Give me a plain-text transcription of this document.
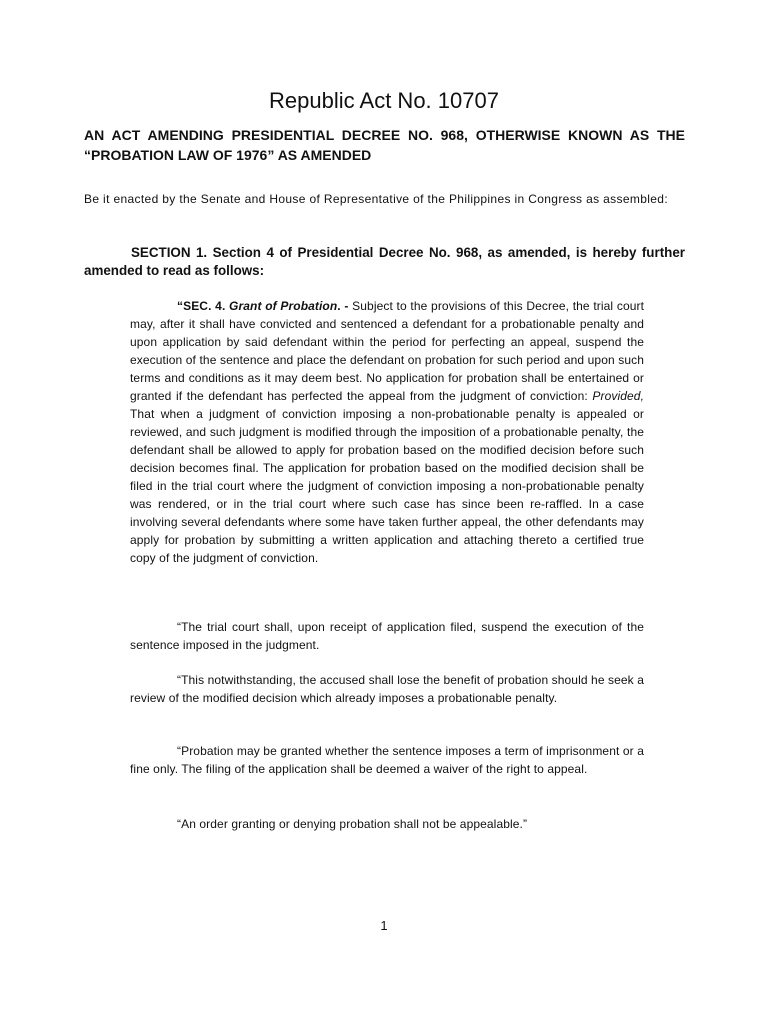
Republic Act No. 10707

AN ACT AMENDING PRESIDENTIAL DECREE NO. 968, OTHERWISE KNOWN AS THE “PROBATION LAW OF 1976” AS AMENDED

Be it enacted by the Senate and House of Representative of the Philippines in Congress as assembled:

SECTION 1. Section 4 of Presidential Decree No. 968, as amended, is hereby further amended to read as follows:

“SEC. 4. Grant of Probation. - Subject to the provisions of this Decree, the trial court may, after it shall have convicted and sentenced a defendant for a probationable penalty and upon application by said defendant within the period for perfecting an appeal, suspend the execution of the sentence and place the defendant on probation for such period and upon such terms and conditions as it may deem best. No application for probation shall be entertained or granted if the defendant has perfected the appeal from the judgment of conviction: Provided, That when a judgment of conviction imposing a non-probationable penalty is appealed or reviewed, and such judgment is modified through the imposition of a probationable penalty, the defendant shall be allowed to apply for probation based on the modified decision before such decision becomes final. The application for probation based on the modified decision shall be filed in the trial court where the judgment of conviction imposing a non-probationable penalty was rendered, or in the trial court where such case has since been re-raffled. In a case involving several defendants where some have taken further appeal, the other defendants may apply for probation by submitting a written application and attaching thereto a certified true copy of the judgment of conviction.

“The trial court shall, upon receipt of application filed, suspend the execution of the sentence imposed in the judgment.

“This notwithstanding, the accused shall lose the benefit of probation should he seek a review of the modified decision which already imposes a probationable penalty.

“Probation may be granted whether the sentence imposes a term of imprisonment or a fine only. The filing of the application shall be deemed a waiver of the right to appeal.

“An order granting or denying probation shall not be appealable.”

1
